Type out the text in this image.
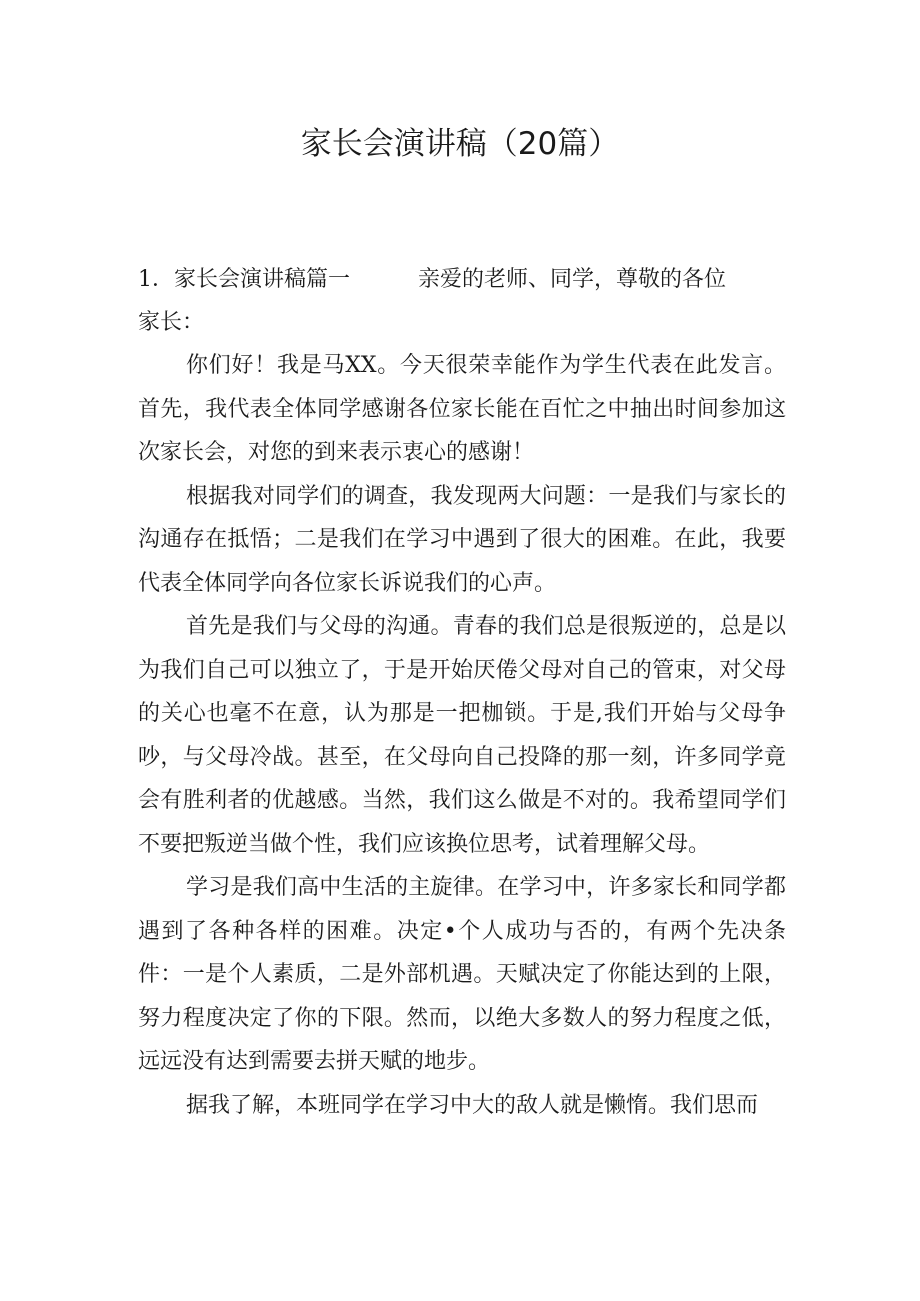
家长会演讲稿（20篇）
1．家长会演讲稿篇一	亲爱的老师、同学，尊敬的各位
家长：

你们好！我是马XX。今天很荣幸能作为学生代表在此发言。首先，我代表全体同学感谢各位家长能在百忙之中抽出时间参加这次家长会，对您的到来表示衷心的感谢！

根据我对同学们的调查，我发现两大问题：一是我们与家长的沟通存在抵悟；二是我们在学习中遇到了很大的困难。在此，我要代表全体同学向各位家长诉说我们的心声。

首先是我们与父母的沟通。青春的我们总是很叛逆的，总是以为我们自己可以独立了，于是开始厌倦父母对自己的管束，对父母的关心也毫不在意，认为那是一把枷锁。于是,我们开始与父母争吵，与父母冷战。甚至，在父母向自己投降的那一刻，许多同学竟会有胜利者的优越感。当然，我们这么做是不对的。我希望同学们不要把叛逆当做个性，我们应该换位思考，试着理解父母。

学习是我们高中生活的主旋律。在学习中，许多家长和同学都遇到了各种各样的困难。决定•个人成功与否的，有两个先决条件：一是个人素质，二是外部机遇。天赋决定了你能达到的上限，努力程度决定了你的下限。然而，以绝大多数人的努力程度之低，远远没有达到需要去拼天赋的地步。

据我了解，本班同学在学习中大的敌人就是懒惰。我们思而
